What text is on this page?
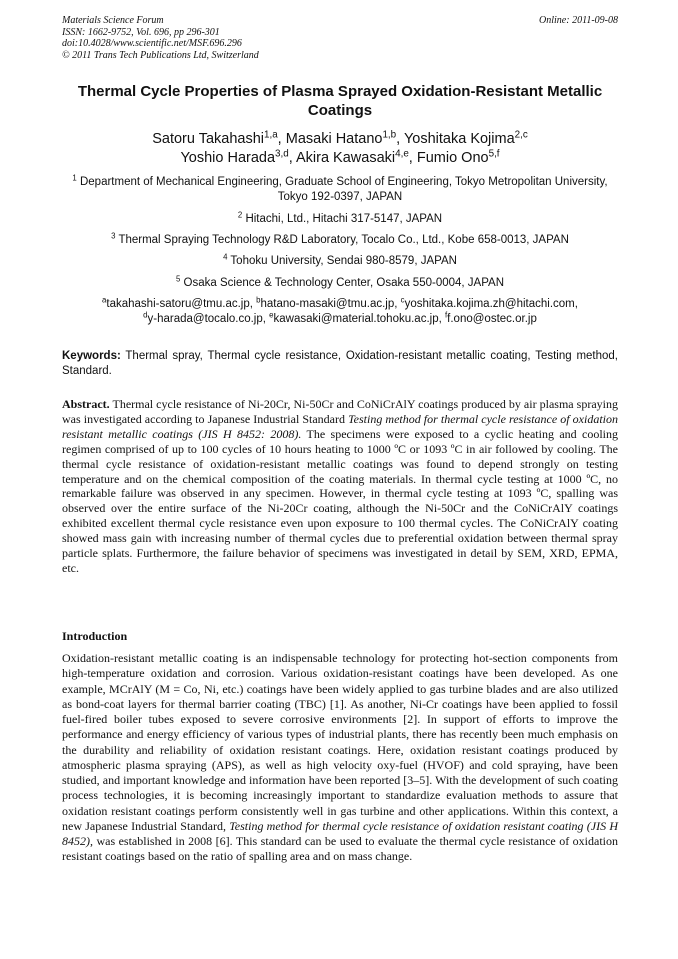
Materials Science Forum
ISSN: 1662-9752, Vol. 696, pp 296-301
doi:10.4028/www.scientific.net/MSF.696.296
© 2011 Trans Tech Publications Ltd, Switzerland
Online: 2011-09-08
Thermal Cycle Properties of Plasma Sprayed Oxidation-Resistant Metallic Coatings
Satoru Takahashi$^{1,a}$, Masaki Hatano$^{1,b}$, Yoshitaka Kojima$^{2,c}$
Yoshio Harada$^{3,d}$, Akira Kawasaki$^{4,e}$, Fumio Ono$^{5,f}$
$^1$ Department of Mechanical Engineering, Graduate School of Engineering, Tokyo Metropolitan University, Tokyo 192-0397, JAPAN
$^2$ Hitachi, Ltd., Hitachi 317-5147, JAPAN
$^3$ Thermal Spraying Technology R&D Laboratory, Tocalo Co., Ltd., Kobe 658-0013, JAPAN
$^4$ Tohoku University, Sendai 980-8579, JAPAN
$^5$ Osaka Science & Technology Center, Osaka 550-0004, JAPAN
$^a$takahashi-satoru@tmu.ac.jp, $^b$hatano-masaki@tmu.ac.jp, $^c$yoshitaka.kojima.zh@hitachi.com,
$^d$y-harada@tocalo.co.jp, $^e$kawasaki@material.tohoku.ac.jp, $^f$f.ono@ostec.or.jp
Keywords: Thermal spray, Thermal cycle resistance, Oxidation-resistant metallic coating, Testing method, Standard.
Abstract. Thermal cycle resistance of Ni-20Cr, Ni-50Cr and CoNiCrAlY coatings produced by air plasma spraying was investigated according to Japanese Industrial Standard Testing method for thermal cycle resistance of oxidation resistant metallic coatings (JIS H 8452: 2008). The specimens were exposed to a cyclic heating and cooling regimen comprised of up to 100 cycles of 10 hours heating to 1000 ºC or 1093 ºC in air followed by cooling. The thermal cycle resistance of oxidation-resistant metallic coatings was found to depend strongly on testing temperature and on the chemical composition of the coating materials. In thermal cycle testing at 1000 ºC, no remarkable failure was observed in any specimen. However, in thermal cycle testing at 1093 ºC, spalling was observed over the entire surface of the Ni-20Cr coating, although the Ni-50Cr and the CoNiCrAlY coatings exhibited excellent thermal cycle resistance even upon exposure to 100 thermal cycles. The CoNiCrAlY coating showed mass gain with increasing number of thermal cycles due to preferential oxidation between thermal spray particle splats. Furthermore, the failure behavior of specimens was investigated in detail by SEM, XRD, EPMA, etc.
Introduction
Oxidation-resistant metallic coating is an indispensable technology for protecting hot-section components from high-temperature oxidation and corrosion. Various oxidation-resistant coatings have been developed. As one example, MCrAlY (M = Co, Ni, etc.) coatings have been widely applied to gas turbine blades and are also utilized as bond-coat layers for thermal barrier coating (TBC) [1]. As another, Ni-Cr coatings have been applied to fossil fuel-fired boiler tubes exposed to severe corrosive environments [2]. In support of efforts to improve the performance and energy efficiency of various types of industrial plants, there has recently been much emphasis on the durability and reliability of oxidation resistant coatings. Here, oxidation resistant coatings produced by atmospheric plasma spraying (APS), as well as high velocity oxy-fuel (HVOF) and cold spraying, have been studied, and important knowledge and information have been reported [3–5]. With the development of such coating process technologies, it is becoming increasingly important to standardize evaluation methods to assure that oxidation resistant coatings perform consistently well in gas turbine and other applications. Within this context, a new Japanese Industrial Standard, Testing method for thermal cycle resistance of oxidation resistant coating (JIS H 8452), was established in 2008 [6]. This standard can be used to evaluate the thermal cycle resistance of oxidation resistant coatings based on the ratio of spalling area and on mass change.
